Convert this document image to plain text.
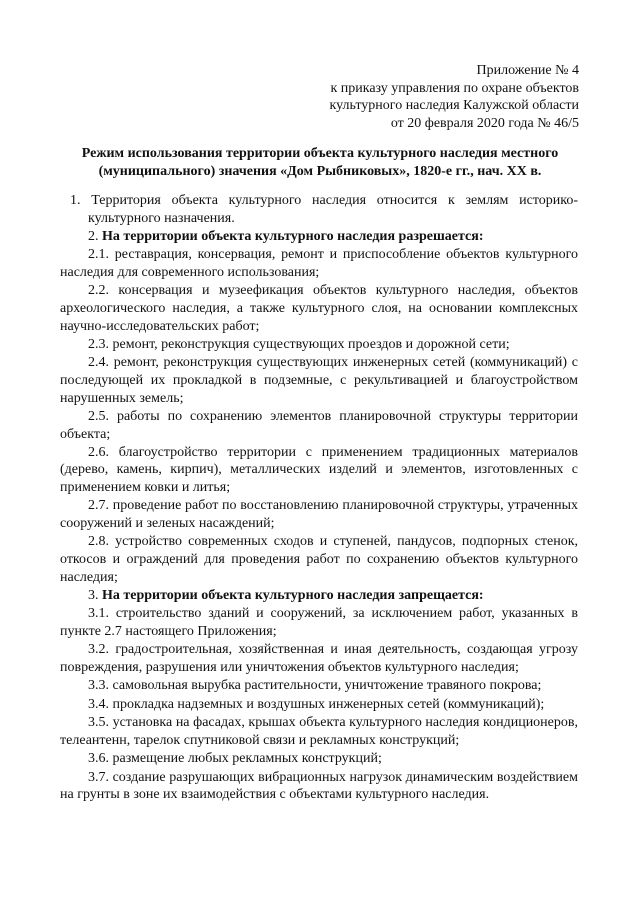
Приложение № 4
к приказу управления по охране объектов
культурного наследия Калужской области
от 20 февраля 2020 года № 46/5
Режим использования территории объекта культурного наследия местного (муниципального) значения «Дом Рыбниковых», 1820-е гг., нач. XX в.

1. Территория объекта культурного наследия относится к землям историко-культурного назначения.

2. На территории объекта культурного наследия разрешается:

2.1. реставрация, консервация, ремонт и приспособление объектов культурного наследия для современного использования;

2.2. консервация и музеефикация объектов культурного наследия, объектов археологического наследия, а также культурного слоя, на основании комплексных научно-исследовательских работ;

2.3. ремонт, реконструкция существующих проездов и дорожной сети;

2.4. ремонт, реконструкция существующих инженерных сетей (коммуникаций) с последующей их прокладкой в подземные, с рекультивацией и благоустройством нарушенных земель;

2.5. работы по сохранению элементов планировочной структуры территории объекта;

2.6. благоустройство территории с применением традиционных материалов (дерево, камень, кирпич), металлических изделий и элементов, изготовленных с применением ковки и литья;

2.7. проведение работ по восстановлению планировочной структуры, утраченных сооружений и зеленых насаждений;

2.8. устройство современных сходов и ступеней, пандусов, подпорных стенок, откосов и ограждений для проведения работ по сохранению объектов культурного наследия;

3. На территории объекта культурного наследия запрещается:

3.1. строительство зданий и сооружений, за исключением работ, указанных в пункте 2.7 настоящего Приложения;

3.2. градостроительная, хозяйственная и иная деятельность, создающая угрозу повреждения, разрушения или уничтожения объектов культурного наследия;

3.3. самовольная вырубка растительности, уничтожение травяного покрова;

3.4. прокладка надземных и воздушных инженерных сетей (коммуникаций);

3.5. установка на фасадах, крышах объекта культурного наследия кондиционеров, телеантенн, тарелок спутниковой связи и рекламных конструкций;

3.6. размещение любых рекламных конструкций;

3.7. создание разрушающих вибрационных нагрузок динамическим воздействием на грунты в зоне их взаимодействия с объектами культурного наследия.
